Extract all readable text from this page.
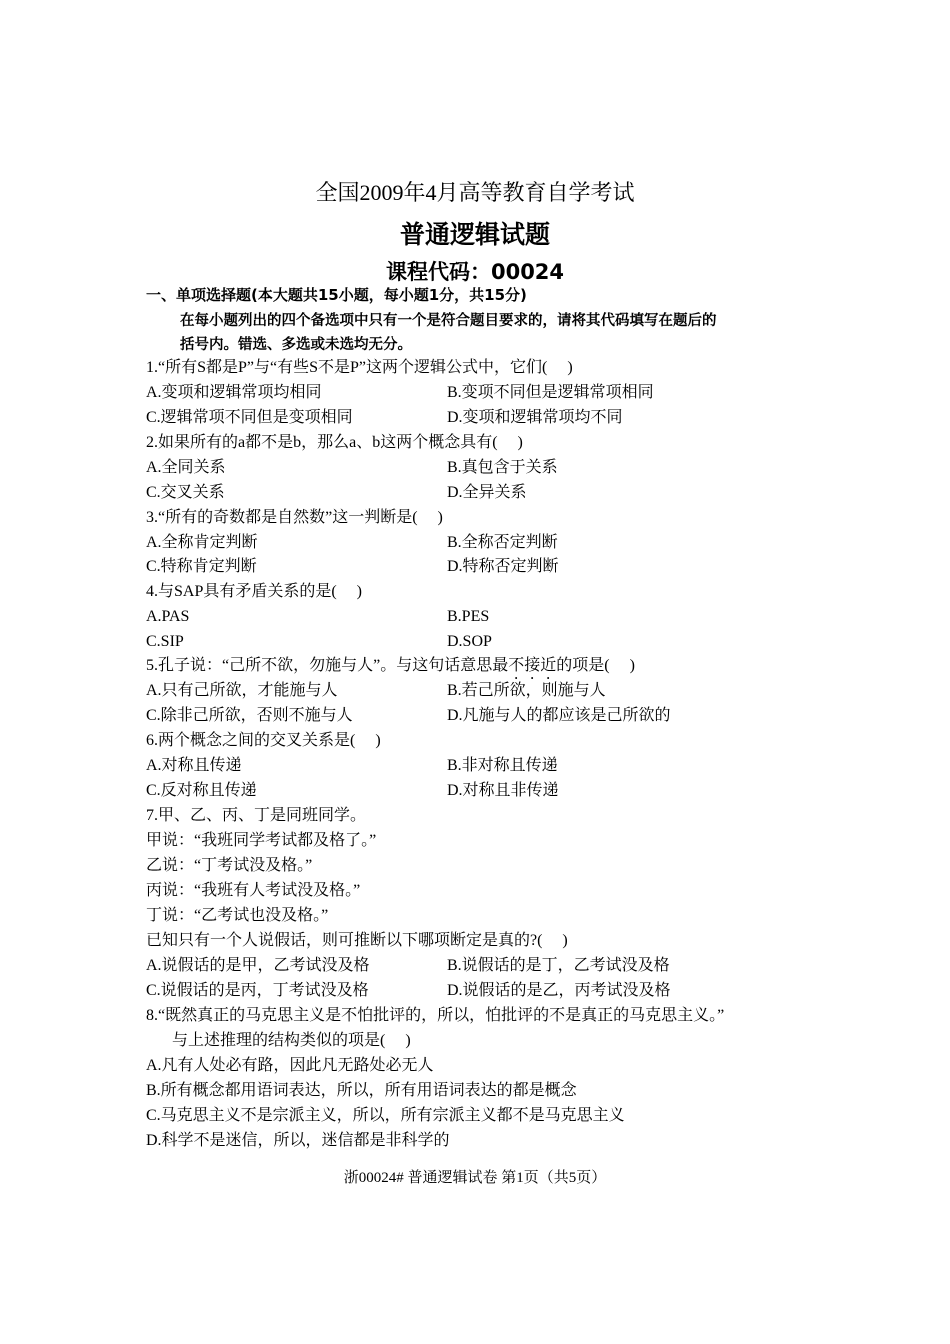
全国2009年4月高等教育自学考试
普通逻辑试题
课程代码：00024
一、单项选择题(本大题共15小题，每小题1分，共15分)
在每小题列出的四个备选项中只有一个是符合题目要求的，请将其代码填写在题后的
括号内。错选、多选或未选均无分。
1.“所有S都是P”与“有些S不是P”这两个逻辑公式中，它们(　 )
A.变项和逻辑常项均相同	B.变项不同但是逻辑常项相同
C.逻辑常项不同但是变项相同	D.变项和逻辑常项均不同
2.如果所有的a都不是b，那么a、b这两个概念具有(　 )
A.全同关系	B.真包含于关系
C.交叉关系	D.全异关系
3.“所有的奇数都是自然数”这一判断是(　 )
A.全称肯定判断	B.全称否定判断
C.特称肯定判断	D.特称否定判断
4.与SAP具有矛盾关系的是(　 )
A.PAS	B.PES
C.SIP	D.SOP
5.孔子说：“己所不欲，勿施与人”。与这句话意思最不接近的项是(　 )
A.只有己所欲，才能施与人	B.若己所欲，则施与人
C.除非己所欲，否则不施与人	D.凡施与人的都应该是己所欲的
6.两个概念之间的交叉关系是(　 )
A.对称且传递	B.非对称且传递
C.反对称且传递	D.对称且非传递
7.甲、乙、丙、丁是同班同学。
甲说：“我班同学考试都及格了。”
乙说：“丁考试没及格。”
丙说：“我班有人考试没及格。”
丁说：“乙考试也没及格。”
已知只有一个人说假话，则可推断以下哪项断定是真的?(　 )
A.说假话的是甲，乙考试没及格	B.说假话的是丁，乙考试没及格
C.说假话的是丙，丁考试没及格	D.说假话的是乙，丙考试没及格
8.“既然真正的马克思主义是不怕批评的，所以，怕批评的不是真正的马克思主义。”
与上述推理的结构类似的项是(　 )
A.凡有人处必有路，因此凡无路处必无人
B.所有概念都用语词表达，所以，所有用语词表达的都是概念
C.马克思主义不是宗派主义，所以，所有宗派主义都不是马克思主义
D.科学不是迷信，所以，迷信都是非科学的
浙00024# 普通逻辑试卷 第1页（共5页）
